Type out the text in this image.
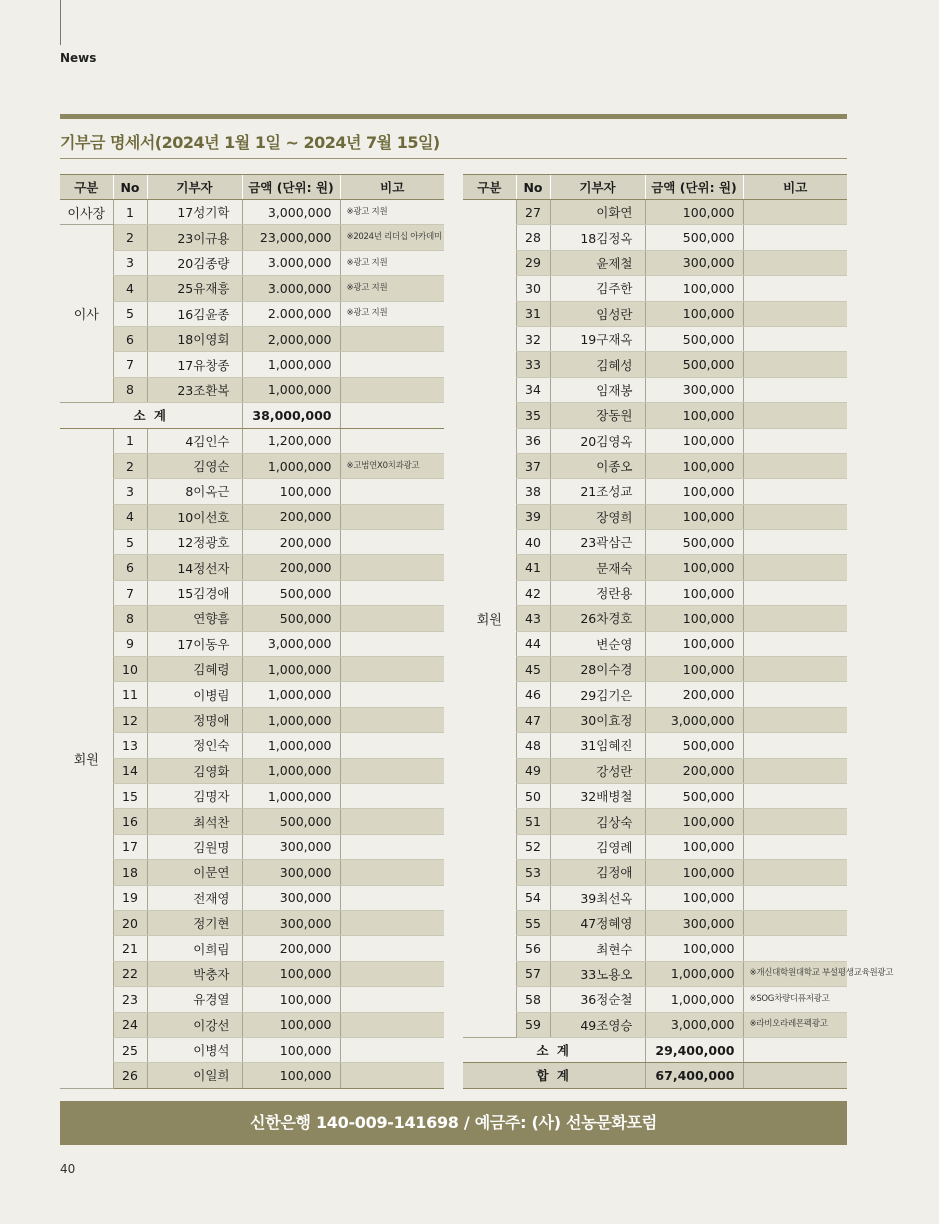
News
기부금 명세서(2024년 1월 1일 ~ 2024년 7월 15일)
구분	No	기부자	금액 (단위: 원)	비고
이사장	1	17성기학	3,000,000	※광고 지원
이사	2	23이규용	23,000,000	※2024년 리더십 아카데미
	3	20김종량	3.000,000	※광고 지원
	4	25유재흥	3.000,000	※광고 지원
	5	16김윤종	2.000,000	※광고 지원
	6	18이영회	2,000,000	
	7	17유창종	1,000,000	
	8	23조환복	1,000,000	
소 계			38,000,000	
회원	1	4김인수	1,200,000	
	2	김영순	1,000,000	※고범연X0치과광고
	3	8이옥근	100,000	
	4	10이선호	200,000	
	5	12정광호	200,000	
	6	14정선자	200,000	
	7	15김경애	500,000	
	8	연향흠	500,000	
	9	17이동우	3,000,000	
	10	김혜령	1,000,000	
	11	이병림	1,000,000	
	12	정명애	1,000,000	
	13	정인숙	1,000,000	
	14	김영화	1,000,000	
	15	김명자	1,000,000	
	16	최석찬	500,000	
	17	김원명	300,000	
	18	이문연	300,000	
	19	전재영	300,000	
	20	정기현	300,000	
	21	이희림	200,000	
	22	박충자	100,000	
	23	유경열	100,000	
	24	이강선	100,000	
	25	이병석	100,000	
	26	이일희	100,000	
구분	No	기부자	금액 (단위: 원)	비고
회원	27	이화연	100,000	
	28	18김정옥	500,000	
	29	윤제철	300,000	
	30	김주한	100,000	
	31	임성란	100,000	
	32	19구재옥	500,000	
	33	김혜성	500,000	
	34	임재봉	300,000	
	35	장동원	100,000	
	36	20김영옥	100,000	
	37	이종오	100,000	
	38	21조성교	100,000	
	39	장영희	100,000	
	40	23곽삼근	500,000	
	41	문재숙	100,000	
	42	정란용	100,000	
	43	26차경호	100,000	
	44	변순영	100,000	
	45	28이수경	100,000	
	46	29김기은	200,000	
	47	30이효정	3,000,000	
	48	31임혜진	500,000	
	49	강성란	200,000	
	50	32배병철	500,000	
	51	김상숙	100,000	
	52	김영례	100,000	
	53	김정애	100,000	
	54	39최선옥	100,000	
	55	47정혜영	300,000	
	56	최현수	100,000	
	57	33노용오	1,000,000	※개신대학원대학교 부설평생교육원광고
	58	36정순철	1,000,000	※SOG차량디퓨저광고
	59	49조영승	3,000,000	※라비오라레몬펙광고
소 계			29,400,000	
합 계			67,400,000	
신한은행 140-009-141698 / 예금주: (사) 선농문화포럼
40
